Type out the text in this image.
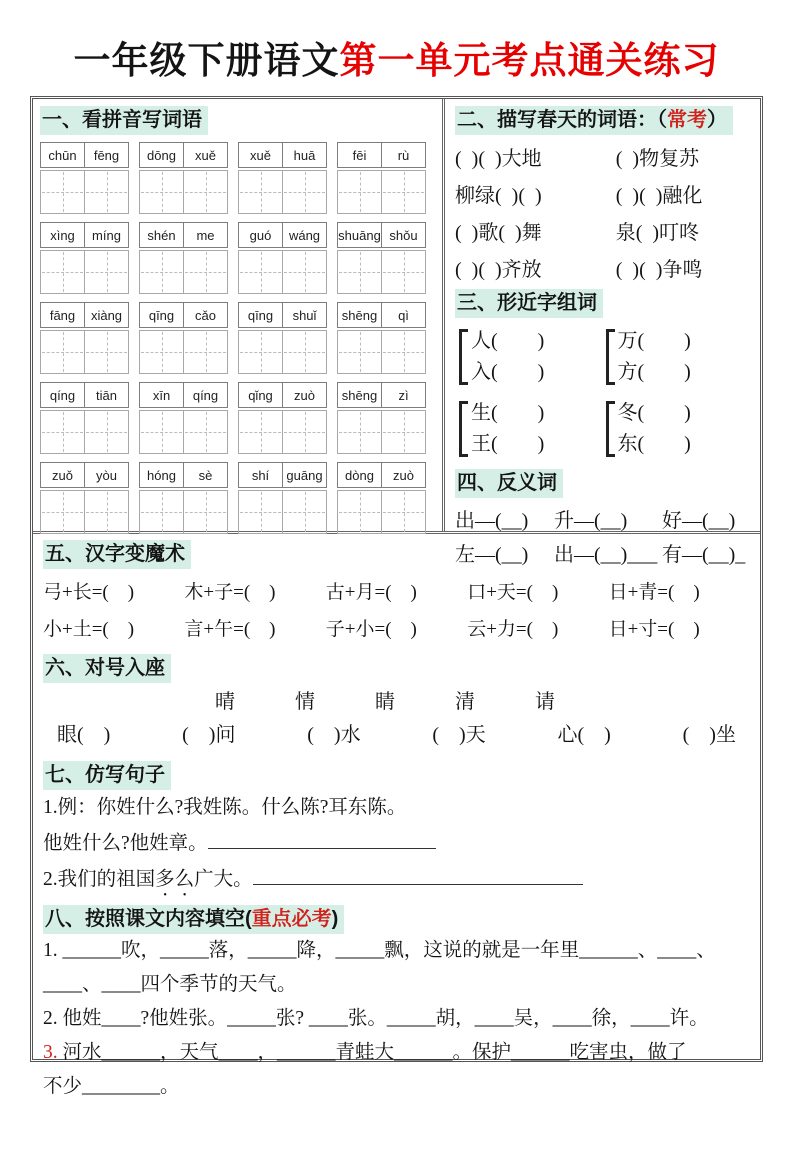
一年级下册语文第一单元考点通关练习
一、看拼音写词语
chūn	fēng	dōng	xuě	xuě	huā	fēi	rù
xìng	míng	shén	me	guó	wáng	shuāng shǒu
fāng	xiàng	qīng	cǎo	qīng	shuǐ	shēng	qì
qíng	tiān	xīn	qíng	qǐng	zuò	shēng	zì
zuǒ	yòu	hóng	sè	shí	guāng	dòng	zuò
二、描写春天的词语：（常考）
(  )(  )大地	(  )物复苏
柳绿(  )(  )	(  )(  )融化
(  )歌(  )舞	泉(  )叮咚
(  )(  )齐放	(  )(  )争鸣
三、形近字组词
人(        )
入(        )
万(        )
方(        )
生(        )
王(        )
冬(        )
东(        )
四、反义词
出—(__)	升—(__)	好—(__)
左—(__)	出—(__)___ 有—(__)_
五、汉字变魔术
弓+长=(    )	木+子=(    )	古+月=(    )	口+天=(    )	日+青=(    )
小+土=(    )	言+午=(    )	子+小=(    )	云+力=(    )	日+寸=(    )
六、对号入座
晴	情	睛	清	请
眼(    )	(    )问	(    )水	(    )天	心(    )	(    )坐
七、仿写句子
1.例：你姓什么?我姓陈。什么陈?耳东陈。
他姓什么?他姓章。
2.我们的祖国多么广大。
八、按照课文内容填空(重点必考)
1. ______吹，_____落，_____降，_____飘，这说的就是一年里______、____、
____、____四个季节的天气。
2. 他姓____?他姓张。_____张? ____张。_____胡，____吴，____徐，____许。
3. 河水______，天气____，______青蛙大______。保护______吃害虫，做了
不少________。
